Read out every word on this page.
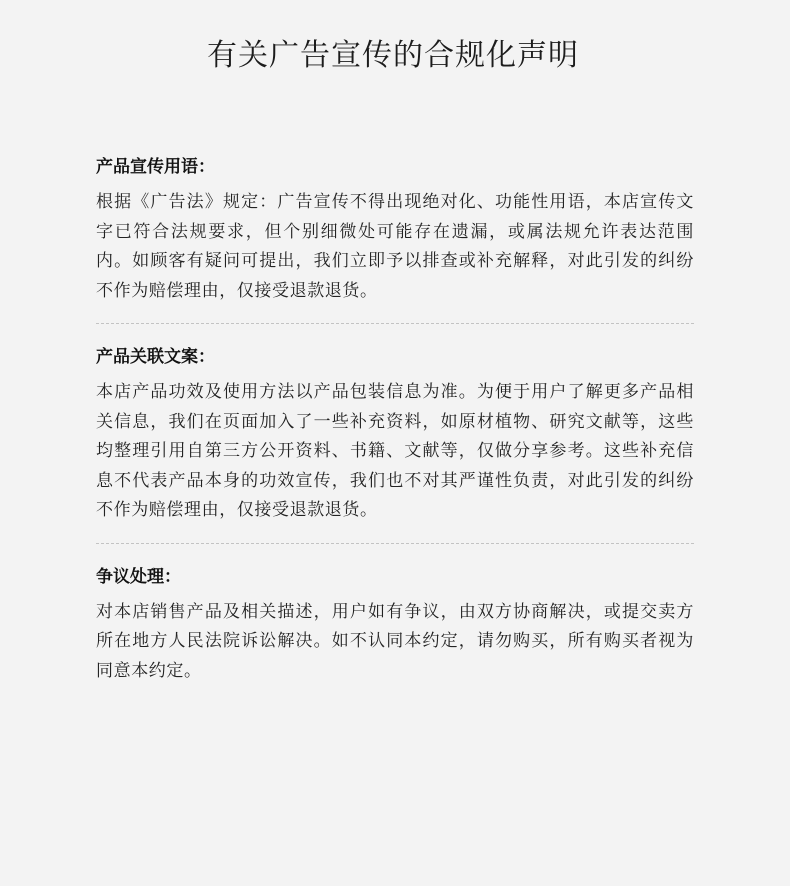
有关广告宣传的合规化声明
产品宣传用语：

根据《广告法》规定：广告宣传不得出现绝对化、功能性用语，本店宣传文字已符合法规要求，但个别细微处可能存在遗漏，或属法规允许表达范围内。如顾客有疑问可提出，我们立即予以排查或补充解释，对此引发的纠纷不作为赔偿理由，仅接受退款退货。

产品关联文案：

本店产品功效及使用方法以产品包装信息为准。为便于用户了解更多产品相关信息，我们在页面加入了一些补充资料，如原材植物、研究文献等，这些均整理引用自第三方公开资料、书籍、文献等，仅做分享参考。这些补充信息不代表产品本身的功效宣传，我们也不对其严谨性负责，对此引发的纠纷不作为赔偿理由，仅接受退款退货。

争议处理：

对本店销售产品及相关描述，用户如有争议，由双方协商解决，或提交卖方所在地方人民法院诉讼解决。如不认同本约定，请勿购买，所有购买者视为同意本约定。
